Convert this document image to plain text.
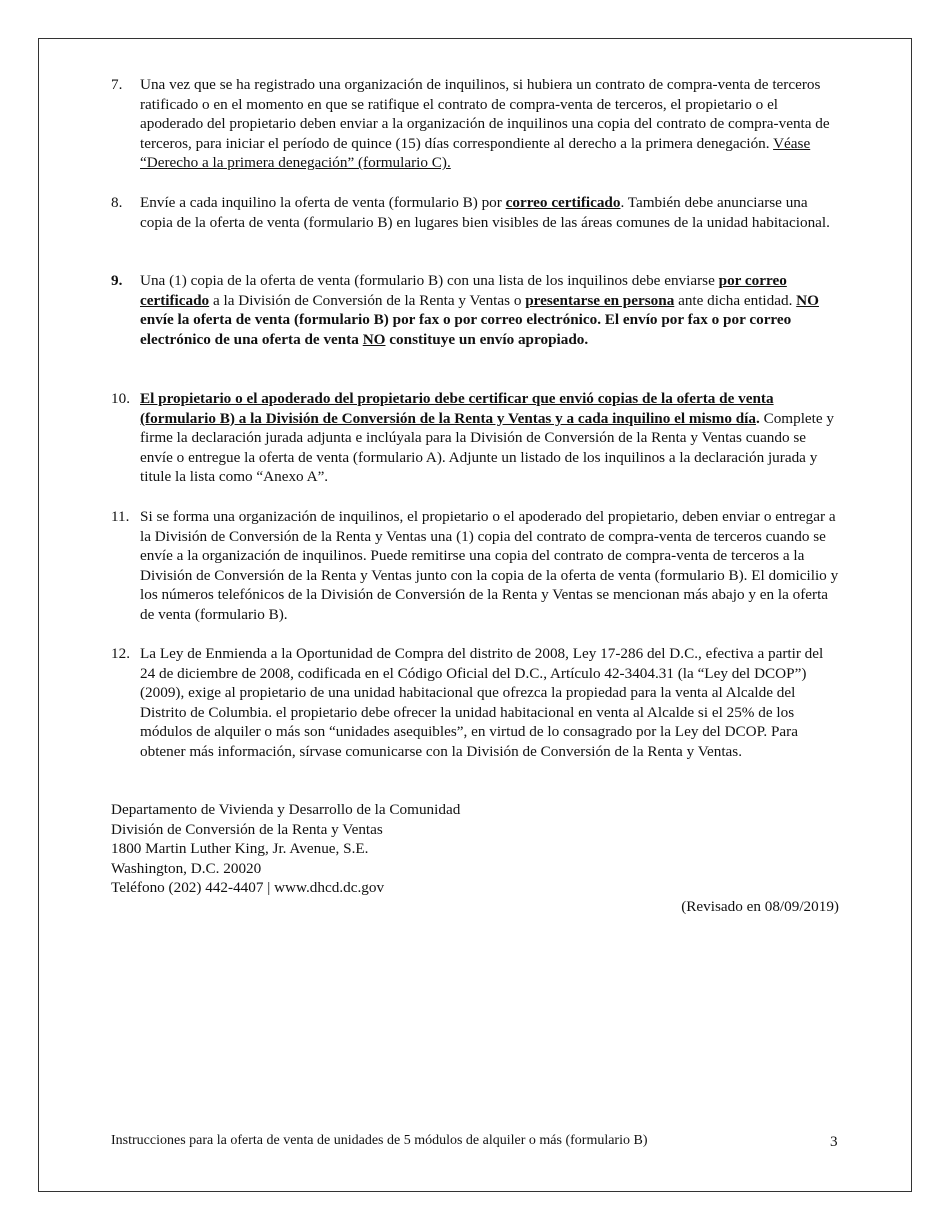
7. Una vez que se ha registrado una organización de inquilinos, si hubiera un contrato de compra-venta de terceros ratificado o en el momento en que se ratifique el contrato de compra-venta de terceros, el propietario o el apoderado del propietario deben enviar a la organización de inquilinos una copia del contrato de compra-venta de terceros, para iniciar el período de quince (15) días correspondiente al derecho a la primera denegación. Véase “Derecho a la primera denegación” (formulario C).
8. Envíe a cada inquilino la oferta de venta (formulario B) por correo certificado. También debe anunciarse una copia de la oferta de venta (formulario B) en lugares bien visibles de las áreas comunes de la unidad habitacional.
9. Una (1) copia de la oferta de venta (formulario B) con una lista de los inquilinos debe enviarse por correo certificado a la División de Conversión de la Renta y Ventas o presentarse en persona ante dicha entidad. NO envíe la oferta de venta (formulario B) por fax o por correo electrónico. El envío por fax o por correo electrónico de una oferta de venta NO constituye un envío apropiado.
10. El propietario o el apoderado del propietario debe certificar que envió copias de la oferta de venta (formulario B) a la División de Conversión de la Renta y Ventas y a cada inquilino el mismo día. Complete y firme la declaración jurada adjunta e inclúyala para la División de Conversión de la Renta y Ventas cuando se envíe o entregue la oferta de venta (formulario A). Adjunte un listado de los inquilinos a la declaración jurada y titule la lista como “Anexo A”.
11. Si se forma una organización de inquilinos, el propietario o el apoderado del propietario, deben enviar o entregar a la División de Conversión de la Renta y Ventas una (1) copia del contrato de compra-venta de terceros cuando se envíe a la organización de inquilinos. Puede remitirse una copia del contrato de compra-venta de terceros a la División de Conversión de la Renta y Ventas junto con la copia de la oferta de venta (formulario B). El domicilio y los números telefónicos de la División de Conversión de la Renta y Ventas se mencionan más abajo y en la oferta de venta (formulario B).
12. La Ley de Enmienda a la Oportunidad de Compra del distrito de 2008, Ley 17-286 del D.C., efectiva a partir del 24 de diciembre de 2008, codificada en el Código Oficial del D.C., Artículo 42-3404.31 (la “Ley del DCOP”) (2009), exige al propietario de una unidad habitacional que ofrezca la propiedad para la venta al Alcalde del Distrito de Columbia. el propietario debe ofrecer la unidad habitacional en venta al Alcalde si el 25% de los módulos de alquiler o más son “unidades asequibles”, en virtud de lo consagrado por la Ley del DCOP. Para obtener más información, sírvase comunicarse con la División de Conversión de la Renta y Ventas.
Departamento de Vivienda y Desarrollo de la Comunidad
División de Conversión de la Renta y Ventas
1800 Martin Luther King, Jr. Avenue, S.E.
Washington, D.C. 20020
Teléfono (202) 442-4407 | www.dhcd.dc.gov
(Revisado en 08/09/2019)
Instrucciones para la oferta de venta de unidades de 5 módulos de alquiler o más (formulario B)	3
